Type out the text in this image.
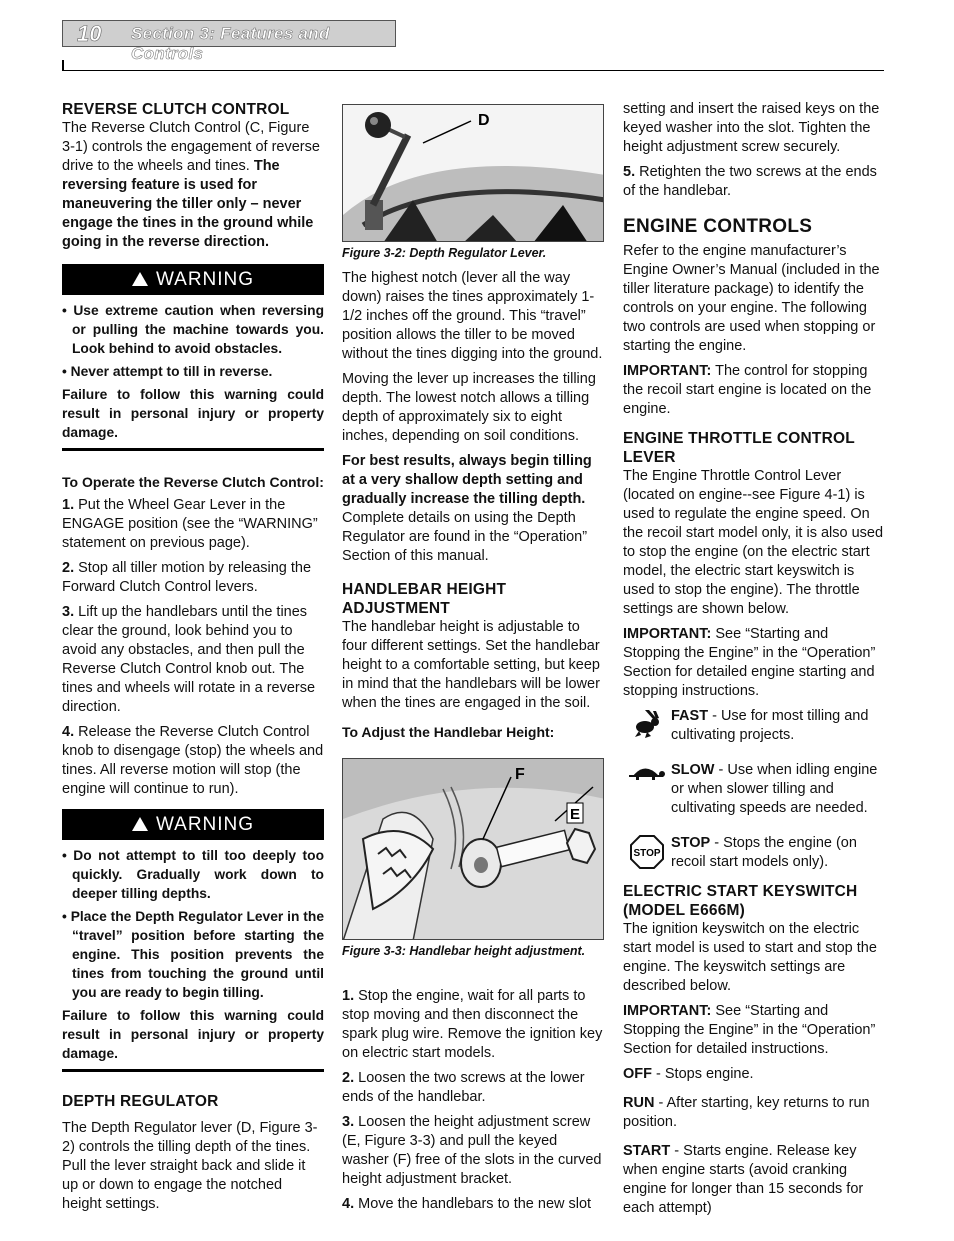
10 Section 3: Features and Controls
REVERSE CLUTCH CONTROL

The Reverse Clutch Control (C, Figure 3-1) controls the engagement of reverse drive to the wheels and tines. The reversing feature is used for maneuvering the tiller only – never engage the tines in the ground while going in the reverse direction.

WARNING
• Use extreme caution when reversing or pulling the machine towards you. Look behind to avoid obstacles.
• Never attempt to till in reverse.
Failure to follow this warning could result in personal injury or property damage.
To Operate the Reverse Clutch Control:

1. Put the Wheel Gear Lever in the ENGAGE position (see the “WARNING” statement on previous page).

2. Stop all tiller motion by releasing the Forward Clutch Control levers.

3. Lift up the handlebars until the tines clear the ground, look behind you to avoid any obstacles, and then pull the Reverse Clutch Control knob out. The tines and wheels will rotate in a reverse direction.

4. Release the Reverse Clutch Control knob to disengage (stop) the wheels and tines. All reverse motion will stop (the engine will continue to run).

WARNING
• Do not attempt to till too deeply too quickly. Gradually work down to deeper tilling depths.
• Place the Depth Regulator Lever in the “travel” position before starting the engine. This position prevents the tines from touching the ground until you are ready to begin tilling.
Failure to follow this warning could result in personal injury or property damage.
DEPTH REGULATOR

The Depth Regulator lever (D, Figure 3-2) controls the tilling depth of the tines. Pull the lever straight back and slide it up or down to engage the notched height settings.

D
Figure 3-2: Depth Regulator Lever.

The highest notch (lever all the way down) raises the tines approximately 1-1/2 inches off the ground. This “travel” position allows the tiller to be moved without the tines digging into the ground.

Moving the lever up increases the tilling depth. The lowest notch allows a tilling depth of approximately six to eight inches, depending on soil conditions.

For best results, always begin tilling at a very shallow depth setting and gradually increase the tilling depth. Complete details on using the Depth Regulator are found in the “Operation” Section of this manual.

HANDLEBAR HEIGHT ADJUSTMENT

The handlebar height is adjustable to four different settings. Set the handlebar height to a comfortable setting, but keep in mind that the handlebars will be lower when the tines are engaged in the soil.

To Adjust the Handlebar Height:
F
E
Figure 3-3: Handlebar height adjustment.

1. Stop the engine, wait for all parts to stop moving and then disconnect the spark plug wire. Remove the ignition key on electric start models.

2. Loosen the two screws at the lower ends of the handlebar.

3. Loosen the height adjustment screw (E, Figure 3-3) and pull the keyed washer (F) free of the slots in the curved height adjustment bracket.

4. Move the handlebars to the new slot

setting and insert the raised keys on the keyed washer into the slot. Tighten the height adjustment screw securely.

5. Retighten the two screws at the ends of the handlebar.

ENGINE CONTROLS

Refer to the engine manufacturer’s Engine Owner’s Manual (included in the tiller literature package) to identify the controls on your engine. The following two controls are used when stopping or starting the engine.

IMPORTANT: The control for stopping the recoil start engine is located on the engine.

ENGINE THROTTLE CONTROL LEVER

The Engine Throttle Control Lever (located on engine--see Figure 4-1) is used to regulate the engine speed. On the recoil start model only, it is also used to stop the engine (on the electric start model, the electric start keyswitch is used to stop the engine). The throttle settings are shown below.

IMPORTANT: See “Starting and Stopping the Engine” in the “Operation” Section for detailed engine starting and stopping instructions.

FAST - Use for most tilling and cultivating projects.
SLOW - Use when idling engine or when slower tilling and cultivating speeds are needed.
STOP
STOP - Stops the engine (on recoil start models only).
ELECTRIC START KEYSWITCH (MODEL E666M)

The ignition keyswitch on the electric start model is used to start and stop the engine. The keyswitch settings are described below.

IMPORTANT: See “Starting and Stopping the Engine” in the “Operation” Section for detailed instructions.

OFF - Stops engine.

RUN - After starting, key returns to run position.

START - Starts engine. Release key when engine starts (avoid cranking engine for longer than 15 seconds for each attempt)
